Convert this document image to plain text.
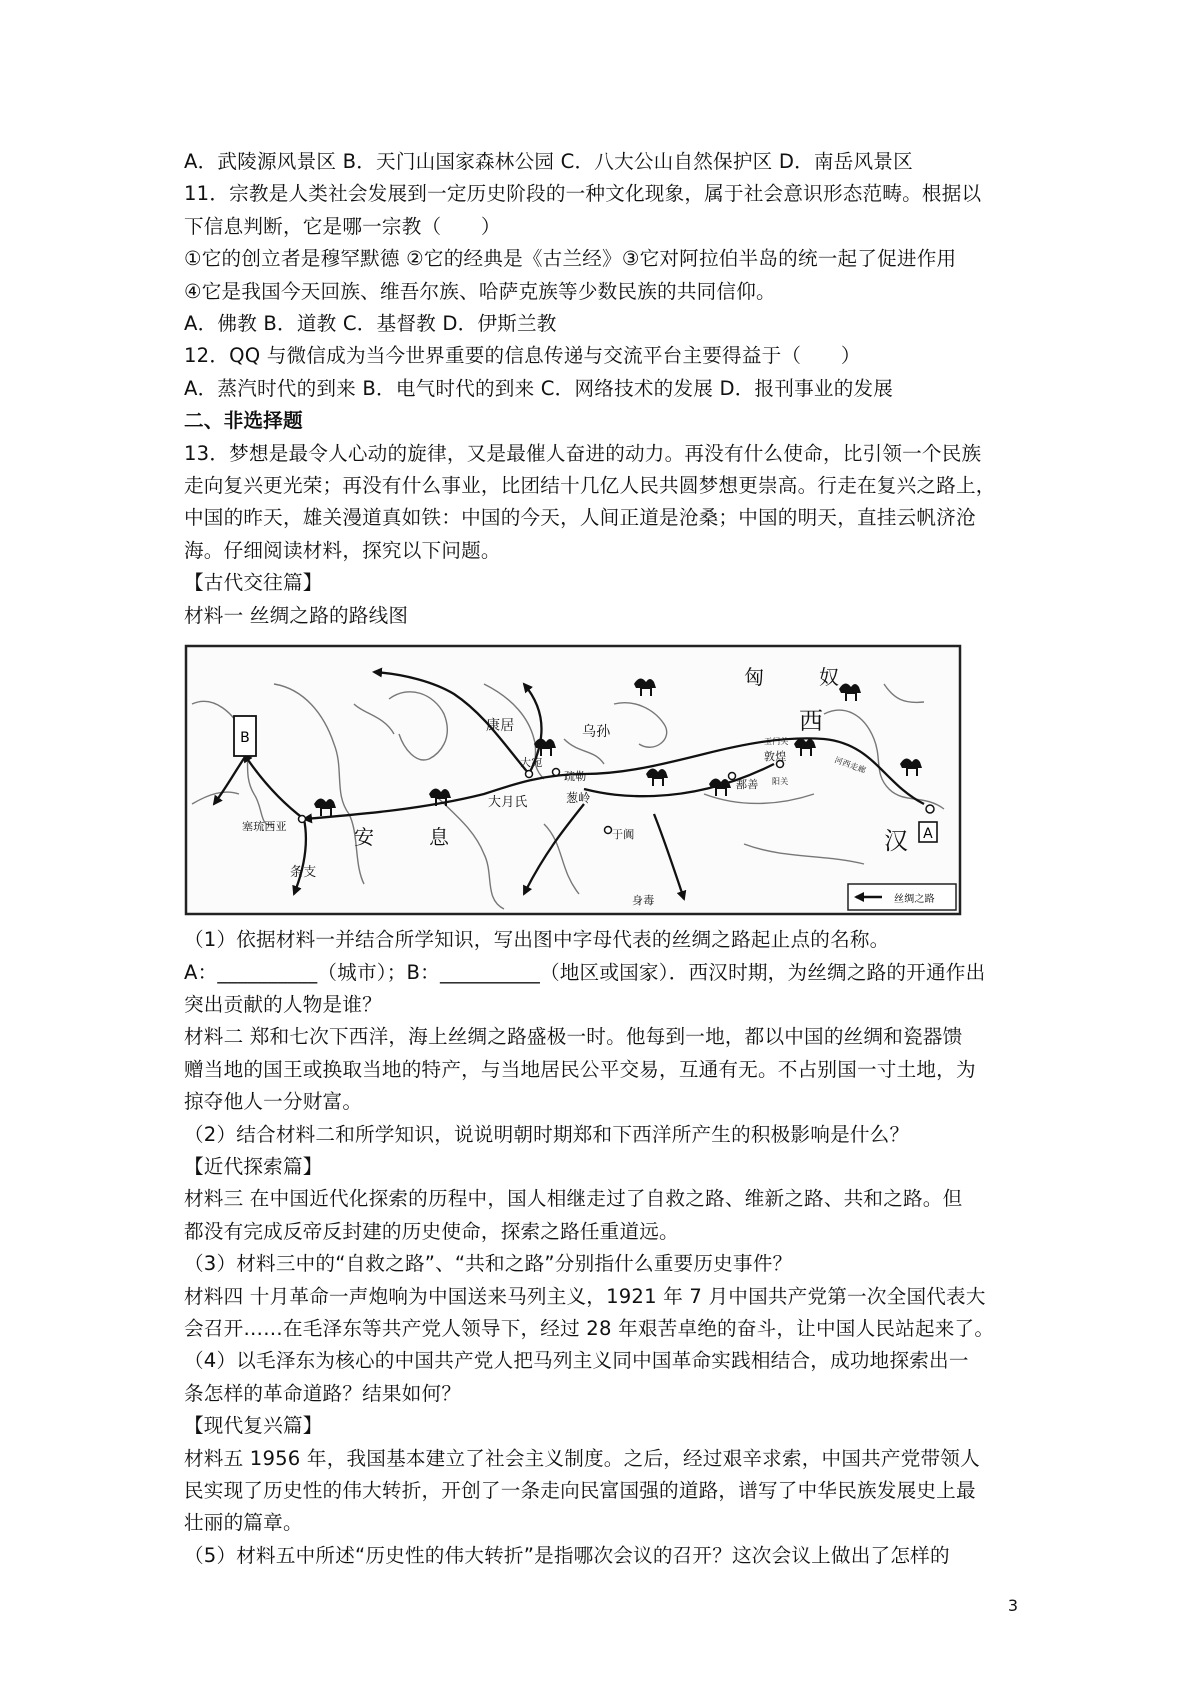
A．武陵源风景区 B．天门山国家森林公园 C．八大公山自然保护区 D．南岳风景区

11．宗教是人类社会发展到一定历史阶段的一种文化现象，属于社会意识形态范畴。根据以

下信息判断，它是哪一宗教（　　）

①它的创立者是穆罕默德 ②它的经典是《古兰经》③它对阿拉伯半岛的统一起了促进作用

④它是我国今天回族、维吾尔族、哈萨克族等少数民族的共同信仰。

A．佛教 B．道教 C．基督教 D．伊斯兰教

12．QQ 与微信成为当今世界重要的信息传递与交流平台主要得益于（　　）

A．蒸汽时代的到来 B．电气时代的到来 C．网络技术的发展 D．报刊事业的发展

二、非选择题

13．梦想是最令人心动的旋律，又是最催人奋进的动力。再没有什么使命，比引领一个民族

走向复兴更光荣；再没有什么事业，比团结十几亿人民共圆梦想更崇高。行走在复兴之路上，

中国的昨天，雄关漫道真如铁：中国的今天，人间正道是沧桑；中国的明天，直挂云帆济沧

海。仔细阅读材料，探究以下问题。

【古代交往篇】

材料一 丝绸之路的路线图

A
B
匈	奴
康居	乌孙
大宛
疏勒
葱岭
大月氏
于阗
鄯善
玉门关
阳关
敦煌	河西走廊
西
汉
安	息
塞琉西亚
条支
身毒	丝绸之路

（1）依据材料一并结合所学知识，写出图中字母代表的丝绸之路起止点的名称。

A：__________（城市）；B：__________（地区或国家）．西汉时期，为丝绸之路的开通作出

突出贡献的人物是谁？

材料二 郑和七次下西洋，海上丝绸之路盛极一时。他每到一地，都以中国的丝绸和瓷器馈

赠当地的国王或换取当地的特产，与当地居民公平交易，互通有无。不占别国一寸土地，为

掠夺他人一分财富。

（2）结合材料二和所学知识，说说明朝时期郑和下西洋所产生的积极影响是什么？

【近代探索篇】

材料三 在中国近代化探索的历程中，国人相继走过了自救之路、维新之路、共和之路。但

都没有完成反帝反封建的历史使命，探索之路任重道远。

（3）材料三中的“自救之路”、“共和之路”分别指什么重要历史事件？

材料四 十月革命一声炮响为中国送来马列主义，1921 年 7 月中国共产党第一次全国代表大

会召开……在毛泽东等共产党人领导下，经过 28 年艰苦卓绝的奋斗，让中国人民站起来了。

（4）以毛泽东为核心的中国共产党人把马列主义同中国革命实践相结合，成功地探索出一

条怎样的革命道路？结果如何？

【现代复兴篇】

材料五 1956 年，我国基本建立了社会主义制度。之后，经过艰辛求索，中国共产党带领人

民实现了历史性的伟大转折，开创了一条走向民富国强的道路，谱写了中华民族发展史上最

壮丽的篇章。

（5）材料五中所述“历史性的伟大转折”是指哪次会议的召开？这次会议上做出了怎样的

3
